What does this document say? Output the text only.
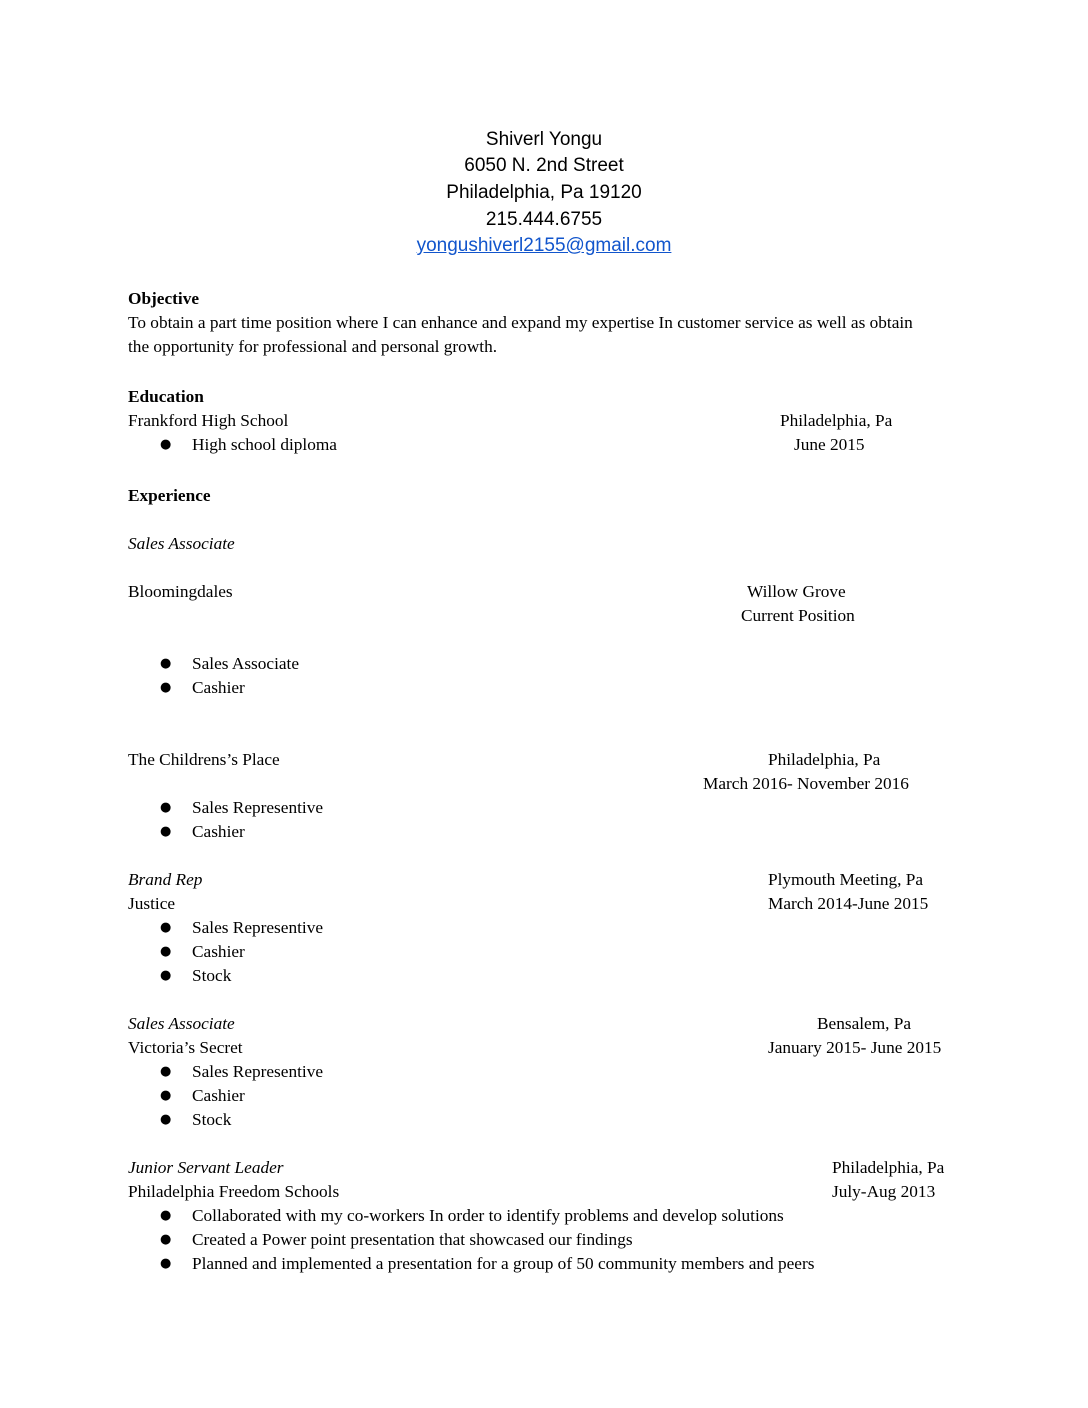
Shiverl Yongu
6050 N. 2nd Street
Philadelphia, Pa 19120
215.444.6755
yongushiverl2155@gmail.com
Objective
To obtain a part time position where I can enhance and expand my expertise In customer service as well as obtain
the opportunity for professional and personal growth.
Education
Frankford High School	Philadelphia, Pa
● High school diploma	June 2015
Experience
Sales Associate
Bloomingdales	Willow Grove
Current Position
● Sales Associate
● Cashier
The Childrens’s Place	Philadelphia, Pa
March 2016- November 2016
● Sales Representive
● Cashier
Brand Rep	Plymouth Meeting, Pa
Justice	March 2014-June 2015
● Sales Representive
● Cashier
● Stock
Sales Associate	Bensalem, Pa
Victoria’s Secret	January 2015- June 2015
● Sales Representive
● Cashier
● Stock
Junior Servant Leader	Philadelphia, Pa
Philadelphia Freedom Schools	July-Aug 2013
● Collaborated with my co-workers In order to identify problems and develop solutions
● Created a Power point presentation that showcased our findings
● Planned and implemented a presentation for a group of 50 community members and peers
